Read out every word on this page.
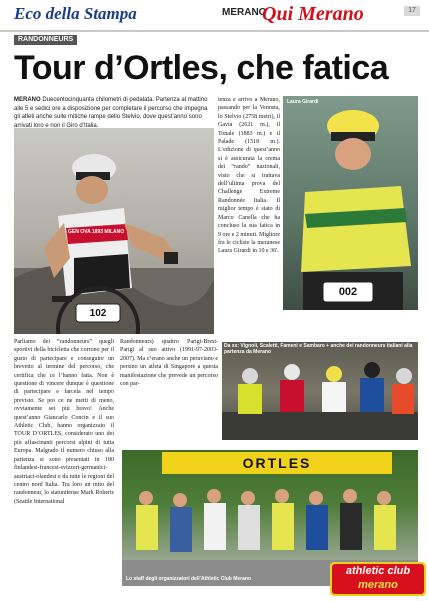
Eco della Stampa	MERANO
Qui Merano	17
RANDONNEURS
Tour d’Ortles, che fatica
MERANO Duecentocinquanta chilometri di pedalata. Partenza al mattino alle 5 e sedici ore a disposizione per completare il percorso che impegna gli atleti anche sulle mitiche rampe dello Stelvio, dove quest’anno sono arrivati loro e non il Giro d’Italia.
GEN OVA 1893 MILANO
102
tenza e arrivo a Merano, passando per la Venosta, lo Stelvio (2758 metri), il Gavia (2621 m.), il Tonale (1883 m.) e il Palade (1518 m.). L’edizione di quest’anno si è assicurata la crema dei “rando” nazionali, visto che si trattava dell’ultima prova del Challenge Extreme Randonnée Italia. Il miglior tempo è stato di Marco Canella che ha concluso la sua fatica in 9 ore e 2 minuti. Migliore fra le cicliste la meranese Laura Girardi in 10 e 36'.
Laura Girardi
002
Da sx: Vignoli, Scaletti, Fameni e Sambaro + anche dei randonneurs italiani alla partenza da Merano
Parliamo dei “randonneurs” quegli sportivi della bicicletta che corrono per il gusto di partecipare e conseguire un brevetto al termine del percorso, che certifica che ce l’hanno fatta. Non è questione di vincere dunque è questione di partecipare e farcela nel tempo previsto. Se poi ce ne metti di meno, ovviamente sei più bravo! Anche quest’anno Giancarlo Concin e il suo Athletic Club, hanno organizzato il TOUR D’ORTLES, considerato uno dei più affascinanti percorsi alpini di tutta Europa. Malgrado il numero chiuso alla partenza si sono presentati in 180 finlandesi-francesi-svizzeri-germanici-austriaci-olandesi e da tutte le regioni del centro nord Italia. Tra loro un mito del randonneur, lo statunitense Mark Roberts (Seattle International
Randonneurs) quattro Parigi-Brest-Parigi al suo attivo (1991-97-2003-2007). Ma c’erano anche un peruviano e persino un atleta di Singapore a questa manifestazione che prevede un percorso con par-
ORTLES
Lo staff degli organizzatori dell’Athletic Club Merano
athletic club
merano
